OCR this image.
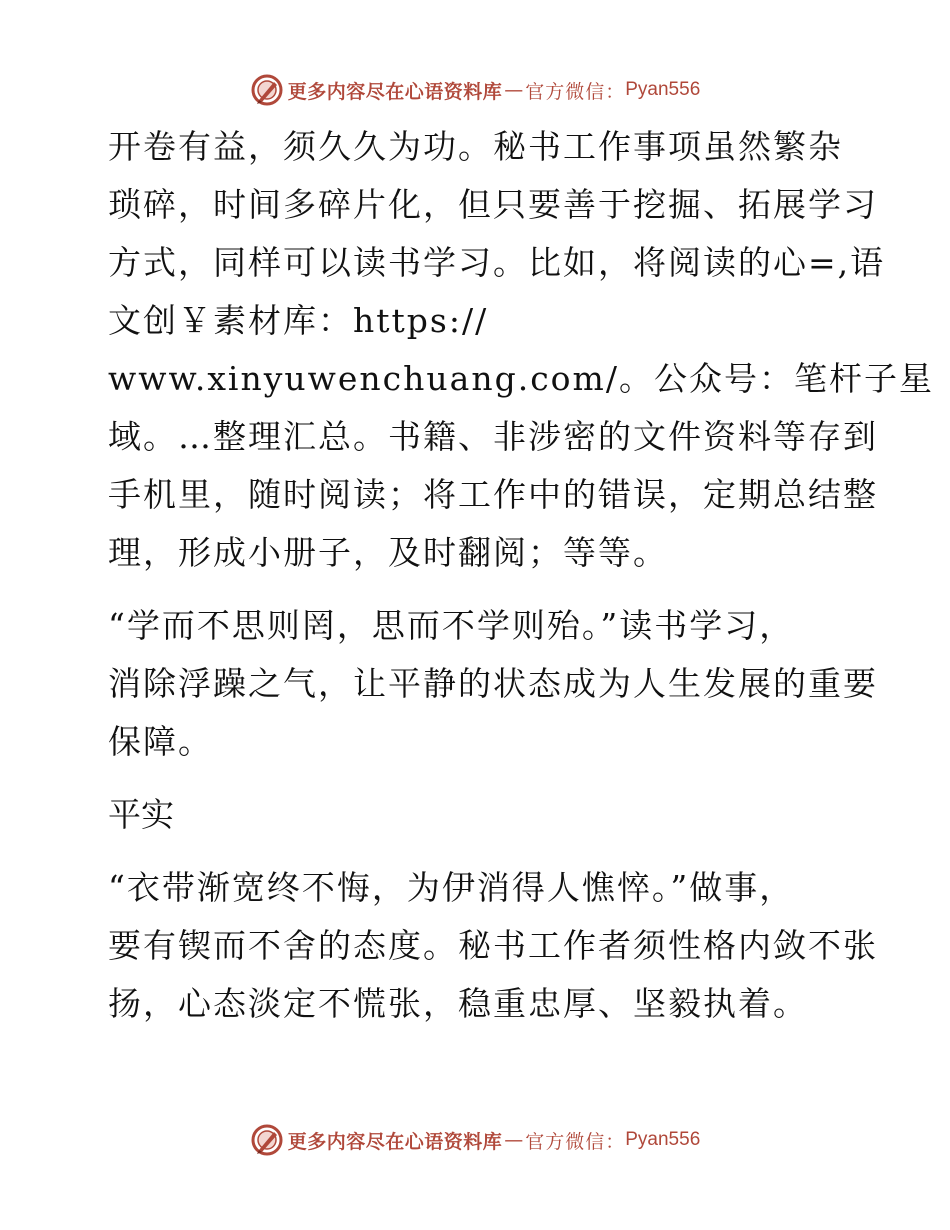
更多内容尽在心语资料库 — 官方微信： Pyan556

开卷有益，须久久为功。秘书工作事项虽然繁杂
琐碎，时间多碎片化，但只要善于挖掘、拓展学习
方式，同样可以读书学习。比如，将阅读的心=,语
文创￥素材库：https://
www.xinyuwenchuang.com/。公众号：笔杆子星
域。…整理汇总。书籍、非涉密的文件资料等存到
手机里，随时阅读；将工作中的错误，定期总结整
理，形成小册子，及时翻阅；等等。

“学而不思则罔，思而不学则殆。”读书学习，
消除浮躁之气，让平静的状态成为人生发展的重要
保障。

平实

“衣带渐宽终不悔，为伊消得人憔悴。”做事，
要有锲而不舍的态度。秘书工作者须性格内敛不张
扬，心态淡定不慌张，稳重忠厚、坚毅执着。

更多内容尽在心语资料库 — 官方微信： Pyan556
